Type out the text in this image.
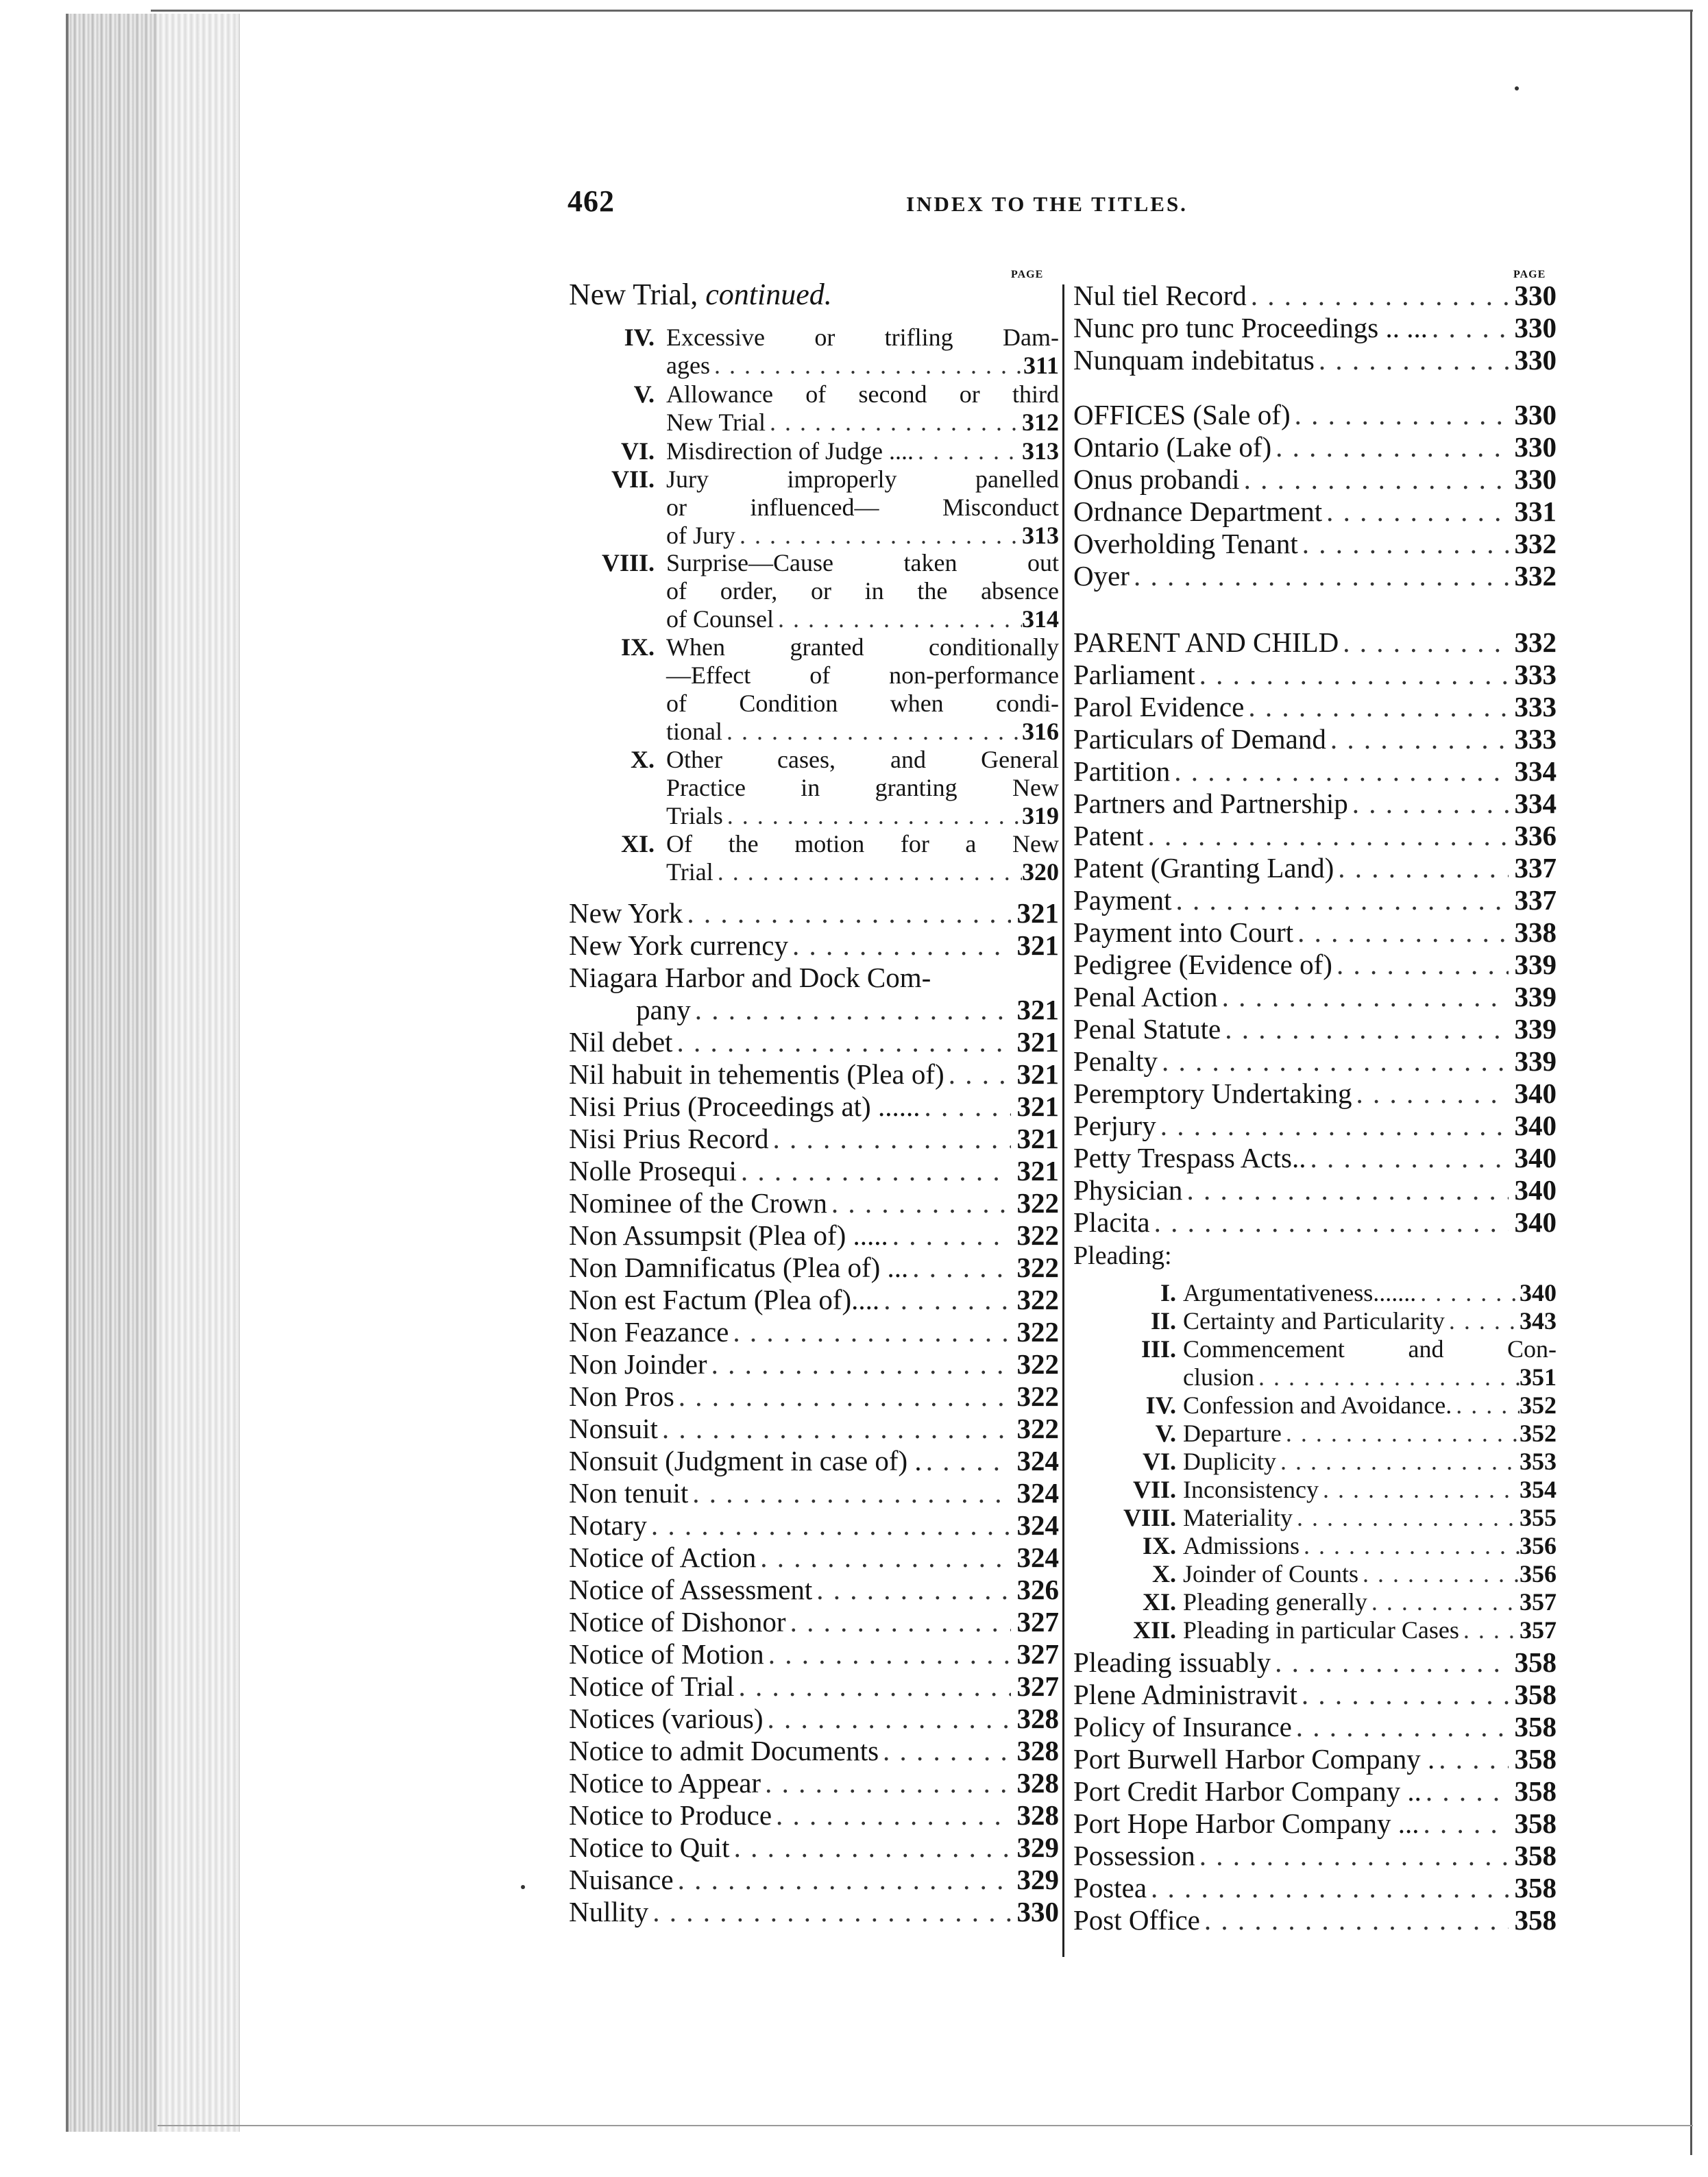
462	INDEX TO THE TITLES.
PAGE	PAGE
New Trial, continued.
IV. Excessive or trifling Dam-
ages . . .	311
V. Allowance of second or third
New Trial . . .	312
VI. Misdirection of Judge .... . . .	313
VII. Jury improperly panelled
or influenced— Misconduct
of Jury . . .	313
VIII. Surprise—Cause taken out
of order, or in the absence
of Counsel . . .	314
IX. When granted conditionally
—Effect of non-performance
of Condition when condi-
tional . . .	316
X. Other cases, and General
Practice in granting New
Trials . . .	319
XI. Of the motion for a New
Trial . . .	320
New York . . .	321
New York currency . . .	321
Niagara Harbor and Dock Com-
pany . . .	321
Nil debet . . .	321
Nil habuit in tehementis (Plea of) . . .	321
Nisi Prius (Proceedings at) ...... . . .	321
Nisi Prius Record . . .	321
Nolle Prosequi . . .	321
Nominee of the Crown . . .	322
Non Assumpsit (Plea of) ..... . . .	322
Non Damnificatus (Plea of) ... . . .	322
Non est Factum (Plea of).... . . .	322
Non Feazance . . .	322
Non Joinder . . .	322
Non Pros . . .	322
Nonsuit . . .	322
Nonsuit (Judgment in case of) . . . .	324
Non tenuit . . .	324
Notary . . .	324
Notice of Action . . .	324
Notice of Assessment . . .	326
Notice of Dishonor . . .	327
Notice of Motion . . .	327
Notice of Trial . . .	327
Notices (various) . . .	328
Notice to admit Documents . . .	328
Notice to Appear . . .	328
Notice to Produce . . .	328
Notice to Quit . . .	329
Nuisance . . .	329
Nullity . . .	330
Nul tiel Record . . .	330
Nunc pro tunc Proceedings .. ... . . .	330
Nunquam indebitatus . . .	330
OFFICES (Sale of) . . .	330
Ontario (Lake of) . . .	330
Onus probandi . . .	330
Ordnance Department . . .	331
Overholding Tenant . . .	332
Oyer . . .	332
PARENT AND CHILD . . .	332
Parliament . . .	333
Parol Evidence . . .	333
Particulars of Demand . . .	333
Partition . . .	334
Partners and Partnership . . .	334
Patent . . .	336
Patent (Granting Land) . . .	337
Payment . . .	337
Payment into Court . . .	338
Pedigree (Evidence of) . . .	339
Penal Action . . .	339
Penal Statute . . .	339
Penalty . . .	339
Peremptory Undertaking . . .	340
Perjury . . .	340
Petty Trespass Acts.. . . .	340
Physician . . .	340
Placita . . .	340
Pleading:
I. Argumentativeness....... . . .	340
II. Certainty and Particularity . . .	343
III. Commencement and Con-
clusion . . .	351
IV. Confession and Avoidance. . . .	352
V. Departure . . .	352
VI. Duplicity . . .	353
VII. Inconsistency . . .	354
VIII. Materiality . . .	355
IX. Admissions . . .	356
X. Joinder of Counts . . .	356
XI. Pleading generally . . .	357
XII. Pleading in particular Cases . . . 357
Pleading issuably . . .	358
Plene Administravit . . .	358
Policy of Insurance . . .	358
Port Burwell Harbor Company . . . .	358
Port Credit Harbor Company .. . . .	358
Port Hope Harbor Company ... . . .	358
Possession . . .	358
Postea . . .	358
Post Office . . .	358
